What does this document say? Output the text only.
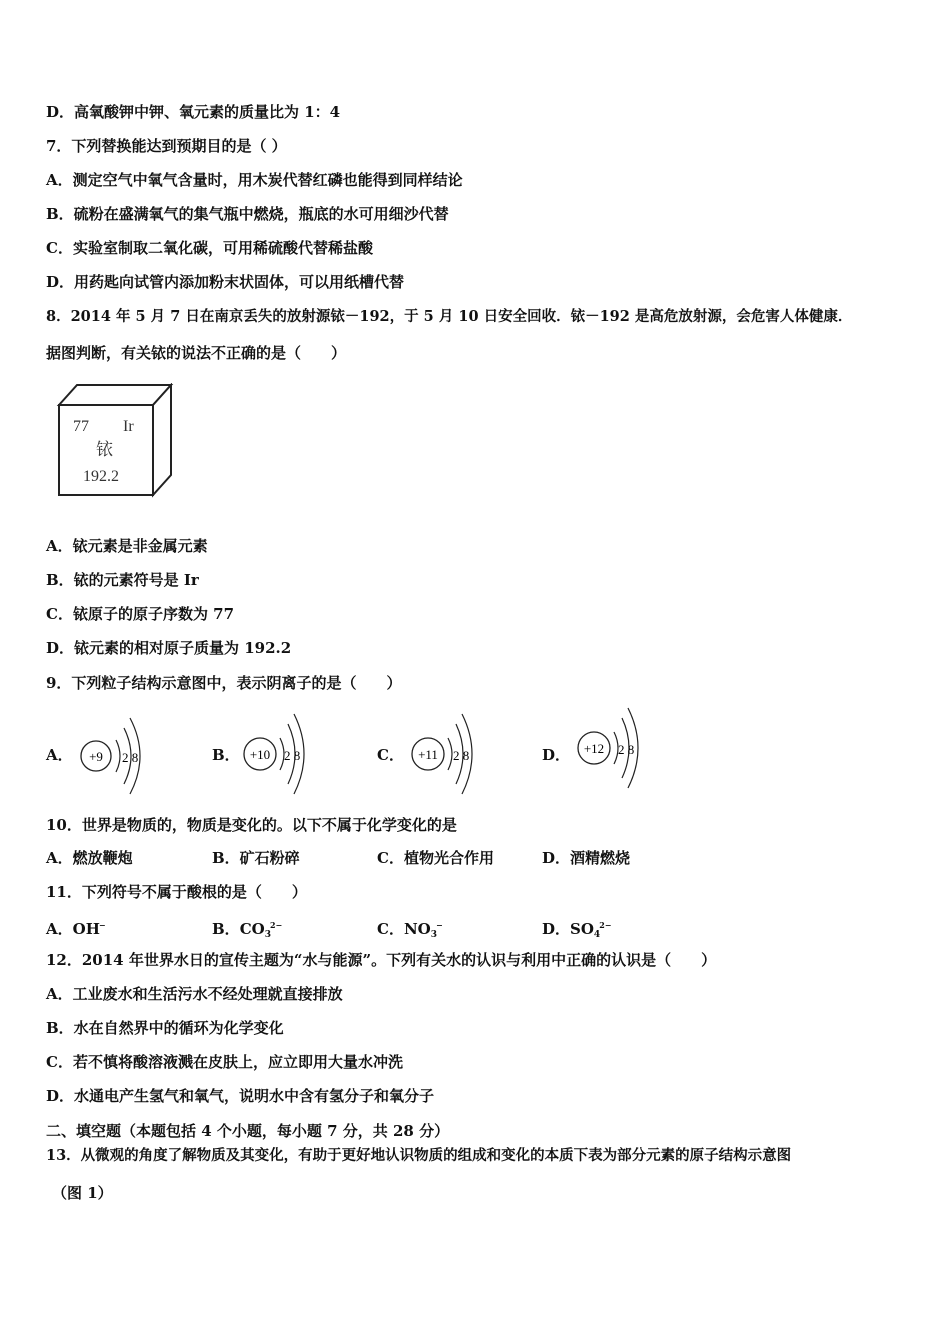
D．高氧酸钾中钾、氧元素的质量比为 1：4
7．下列替换能达到预期目的是（ ）
A．测定空气中氧气含量时，用木炭代替红磷也能得到同样结论
B．硫粉在盛满氧气的集气瓶中燃烧，瓶底的水可用细沙代替
C．实验室制取二氧化碳，可用稀硫酸代替稀盐酸
D．用药匙向试管内添加粉末状固体，可以用纸槽代替
8．2014 年 5 月 7 日在南京丢失的放射源铱－192，于 5 月 10 日安全回收．铱－192 是高危放射源，会危害人体健康．
据图判断，有关铱的说法不正确的是（　　）
77 Ir
铱
192.2
A．铱元素是非金属元素
B．铱的元素符号是 Ir
C．铱原子的原子序数为 77
D．铱元素的相对原子质量为 192.2
9．下列粒子结构示意图中，表示阴离子的是（　　）
A． +9 2 8	B． +10 2 8	C． +11 2 8	D． +12 2 8
10．世界是物质的，物质是变化的。以下不属于化学变化的是
A．燃放鞭炮	B．矿石粉碎	C．植物光合作用	D．酒精燃烧
11．下列符号不属于酸根的是（　　）
A．OH−	B．$CO_3^{2-}$	C．$NO_3^-$	D．$SO_4^{2-}$
12．2014 年世界水日的宣传主题为“水与能源”。下列有关水的认识与利用中正确的认识是（　　）
A．工业废水和生活污水不经处理就直接排放
B．水在自然界中的循环为化学变化
C．若不慎将酸溶液溅在皮肤上，应立即用大量水冲洗
D．水通电产生氢气和氧气，说明水中含有氢分子和氧分子
二、填空题（本题包括 4 个小题，每小题 7 分，共 28 分）
13．从微观的角度了解物质及其变化，有助于更好地认识物质的组成和变化的本质下表为部分元素的原子结构示意图
（图 1）
